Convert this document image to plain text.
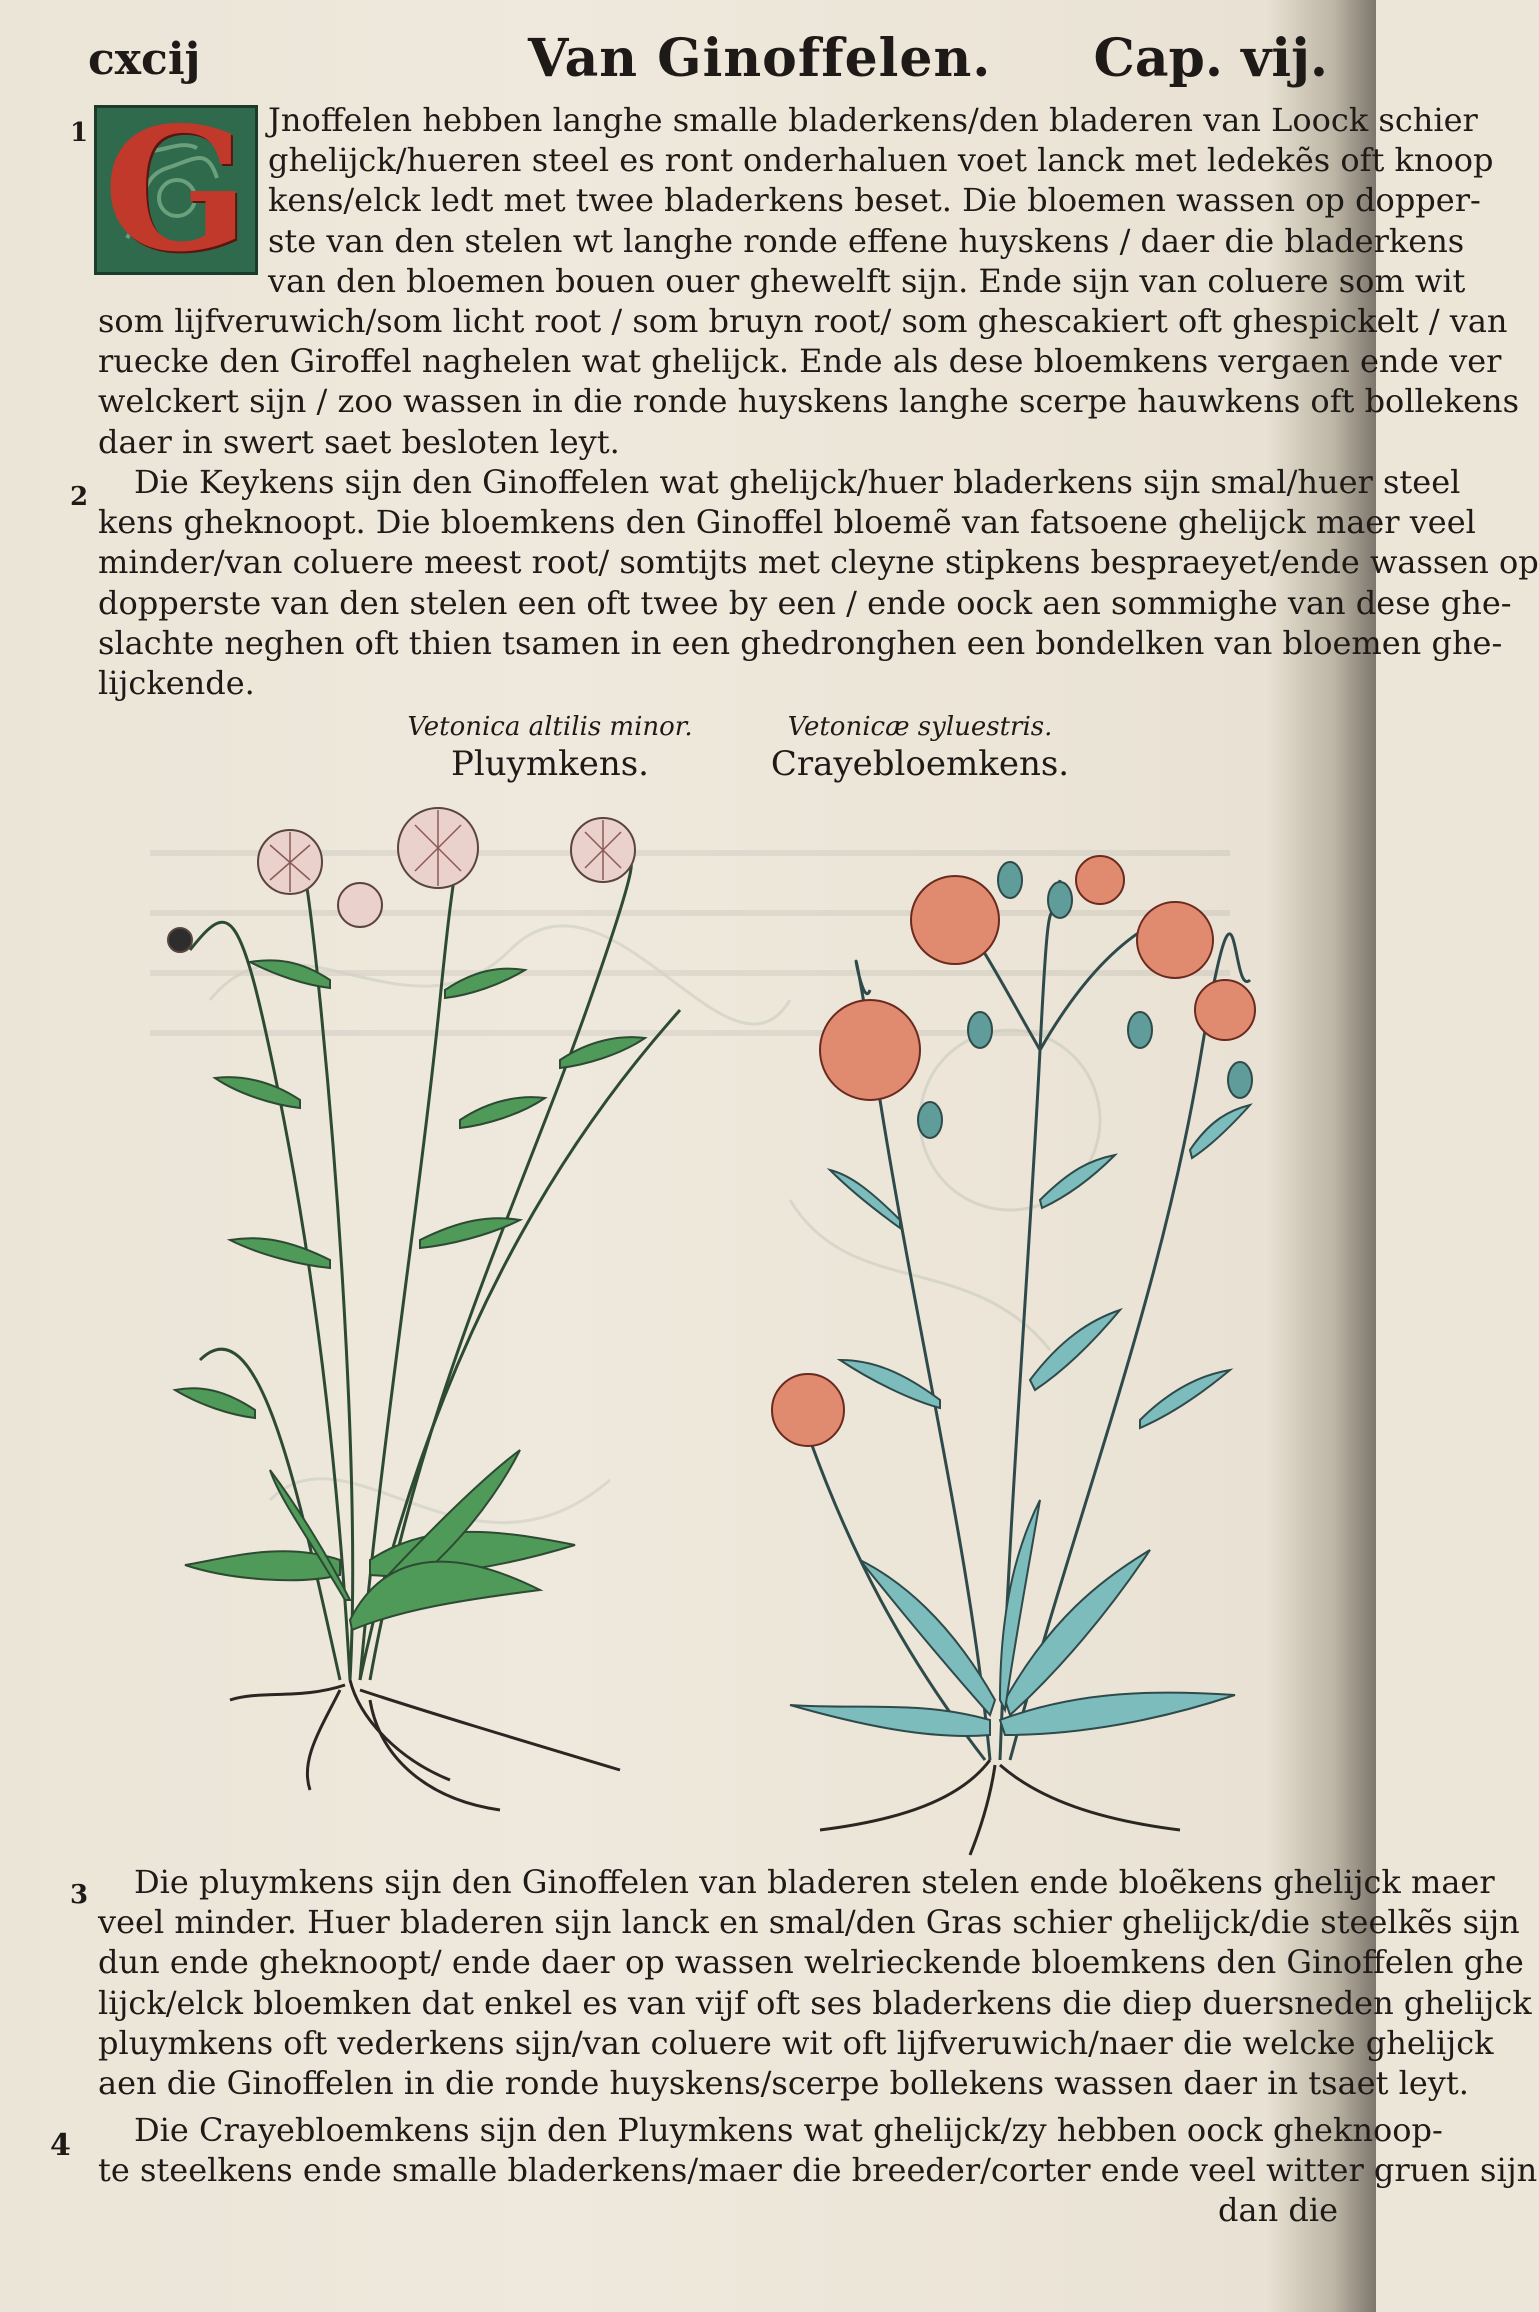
cxcij	Van Ginoffelen. Cap. vij.
G
1	Jnoffelen hebben langhe smalle bladerkens/den bladeren van Loock schier
ghelijck/hueren steel es ront onderhaluen voet lanck met ledekẽs oft knoop
kens/elck ledt met twee bladerkens beset. Die bloemen wassen op dopper-
ste van den stelen wt langhe ronde effene huyskens / daer die bladerkens
van den bloemen bouen ouer ghewelft sijn. Ende sijn van coluere som wit
som lijfveruwich/som licht root / som bruyn root/ som ghescakiert oft ghespickelt / van
ruecke den Giroffel naghelen wat ghelijck. Ende als dese bloemkens vergaen ende ver
welckert sijn / zoo wassen in die ronde huyskens langhe scerpe hauwkens oft bollekens
daer in swert saet besloten leyt.
2	Die Keykens sijn den Ginoffelen wat ghelijck/huer bladerkens sijn smal/huer steel
kens gheknoopt. Die bloemkens den Ginoffel bloemẽ van fatsoene ghelijck maer veel
minder/van coluere meest root/ somtijts met cleyne stipkens bespraeyet/ende wassen op
dopperste van den stelen een oft twee by een / ende oock aen sommighe van dese ghe-
slachte neghen oft thien tsamen in een ghedronghen een bondelken van bloemen ghe-
lijckende.
Vetonica altilis minor.
Pluymkens.
Vetonicæ syluestris.
Crayebloemkens.
3	Die pluymkens sijn den Ginoffelen van bladeren stelen ende bloẽkens ghelijck maer
veel minder. Huer bladeren sijn lanck en smal/den Gras schier ghelijck/die steelkẽs sijn
dun ende gheknoopt/ ende daer op wassen welrieckende bloemkens den Ginoffelen ghe
lijck/elck bloemken dat enkel es van vijf oft ses bladerkens die diep duersneden ghelijck
pluymkens oft vederkens sijn/van coluere wit oft lijfveruwich/naer die welcke ghelijck
aen die Ginoffelen in die ronde huyskens/scerpe bollekens wassen daer in tsaet leyt.
4	Die Crayebloemkens sijn den Pluymkens wat ghelijck/zy hebben oock gheknoop-
te steelkens ende smalle bladerkens/maer die breeder/corter ende veel witter gruen sijn
dan die
